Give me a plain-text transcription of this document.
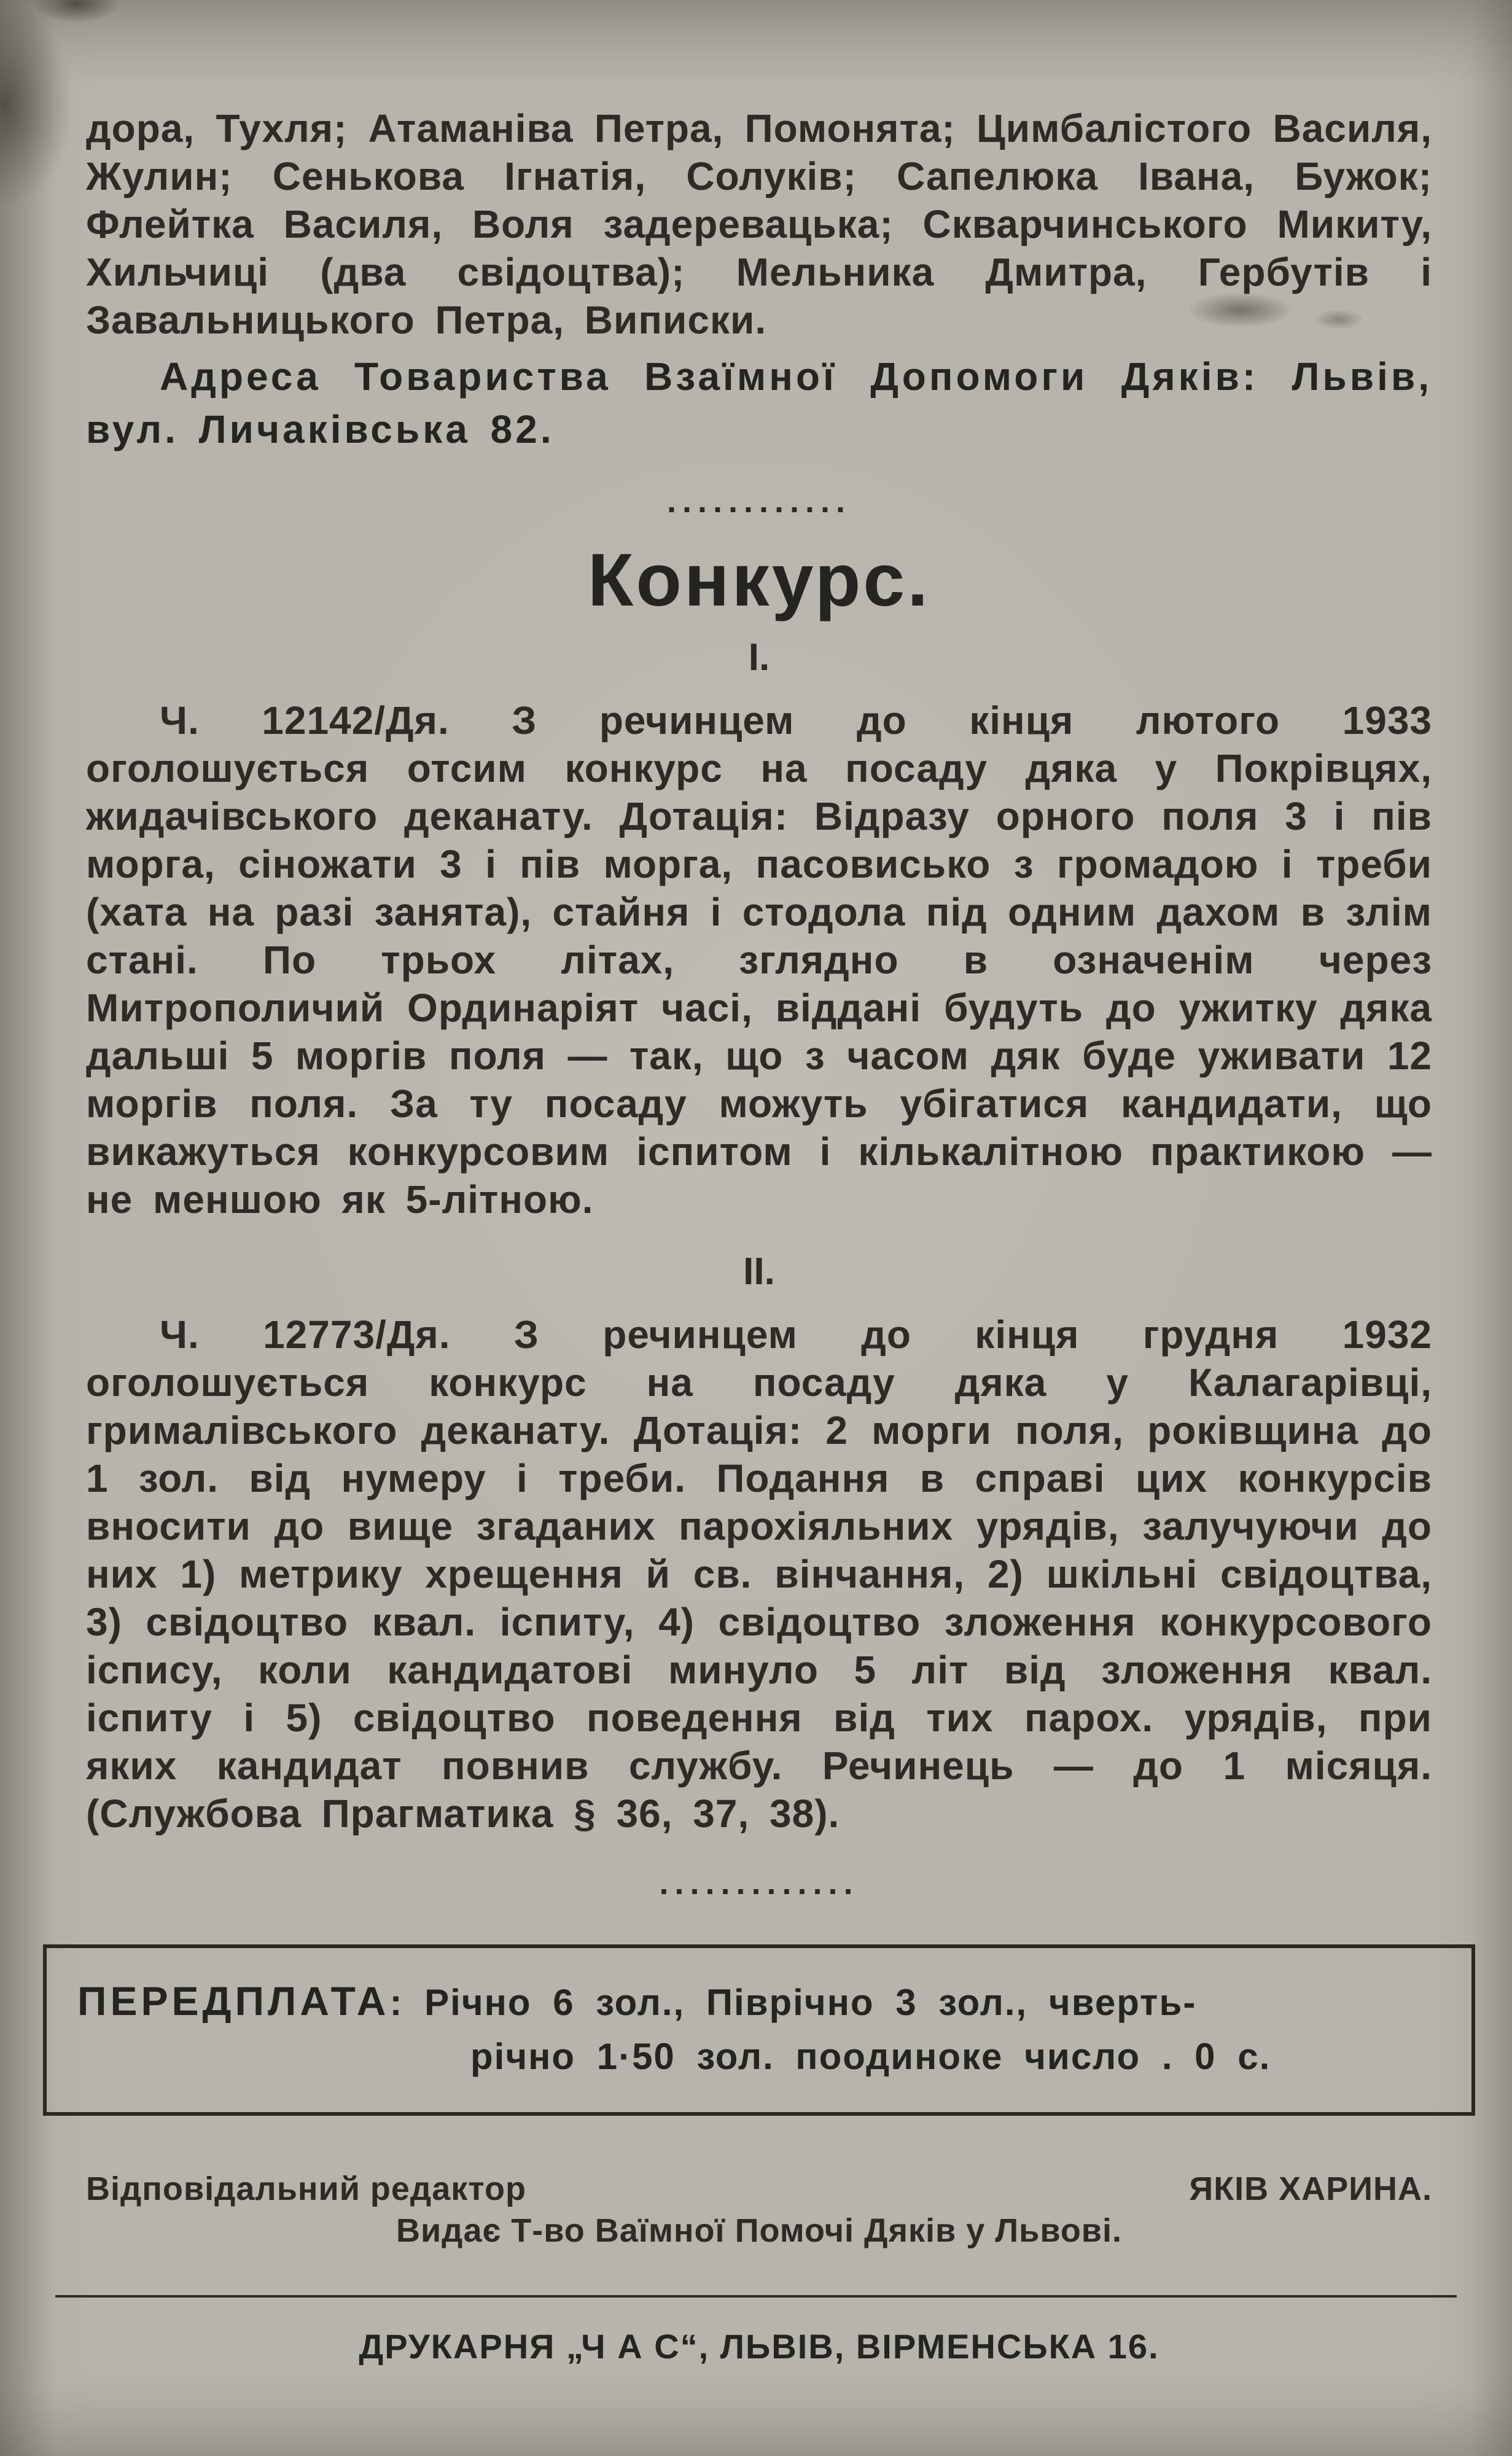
дора, Тухля; Атаманіва Петра, Помонята; Цимбалістого Василя, Жулин; Сенькова Ігнатія, Солуків; Сапелюка Івана, Бужок; Флейтка Василя, Воля задеревацька; Скварчинського Микиту, Хильчиці (два свідоцтва); Мельника Дмитра, Гербутів і Завальницького Петра, Виписки.

Адреса Товариства Взаїмної Допомоги Дяків: Львів, вул. Личаківська 82.

............
Конкурс.
I.

Ч. 12142/Дя. З речинцем до кінця лютого 1933 оголошується отсим конкурс на посаду дяка у Покрівцях, жидачівського деканату. Дотація: Відразу орного поля 3 і пів морга, сіножати 3 і пів морга, пасовисько з громадою і треби (хата на разі занята), стайня і стодола під одним дахом в злім стані. По трьох літах, зглядно в означенім через Митрополичий Ординаріят часі, віддані будуть до ужитку дяка дальші 5 моргів поля — так, що з часом дяк буде уживати 12 моргів поля. За ту посаду можуть убігатися кандидати, що викажуться конкурсовим іспитом і кількалітною практикою — не меншою як 5-літною.

II.

Ч. 12773/Дя. З речинцем до кінця грудня 1932 оголошується конкурс на посаду дяка у Калагарівці, грималівського деканату. Дотація: 2 морги поля, роківщина до 1 зол. від нумеру і треби. Подання в справі цих конкурсів вносити до вище згаданих парохіяльних урядів, залучуючи до них 1) метрику хрещення й св. вінчання, 2) шкільні свідоцтва, 3) свідоцтво квал. іспиту, 4) свідоцтво зложення конкурсового іспису, коли кандидатові минуло 5 літ від зложення квал. іспиту і 5) свідоцтво поведення від тих парох. урядів, при яких кандидат повнив службу. Речинець — до 1 місяця. (Службова Прагматика § 36, 37, 38).

.............
ПЕРЕДПЛАТА: Річно 6 зол., Піврічно 3 зол., чверть-
річно 1·50 зол. поодиноке число . 0 с.
Відповідальний редактор	ЯКІВ ХАРИНА.
Видає Т-во Ваїмної Помочі Дяків у Львові.
ДРУКАРНЯ „Ч А С“, ЛЬВІВ, ВІРМЕНСЬКА 16.
